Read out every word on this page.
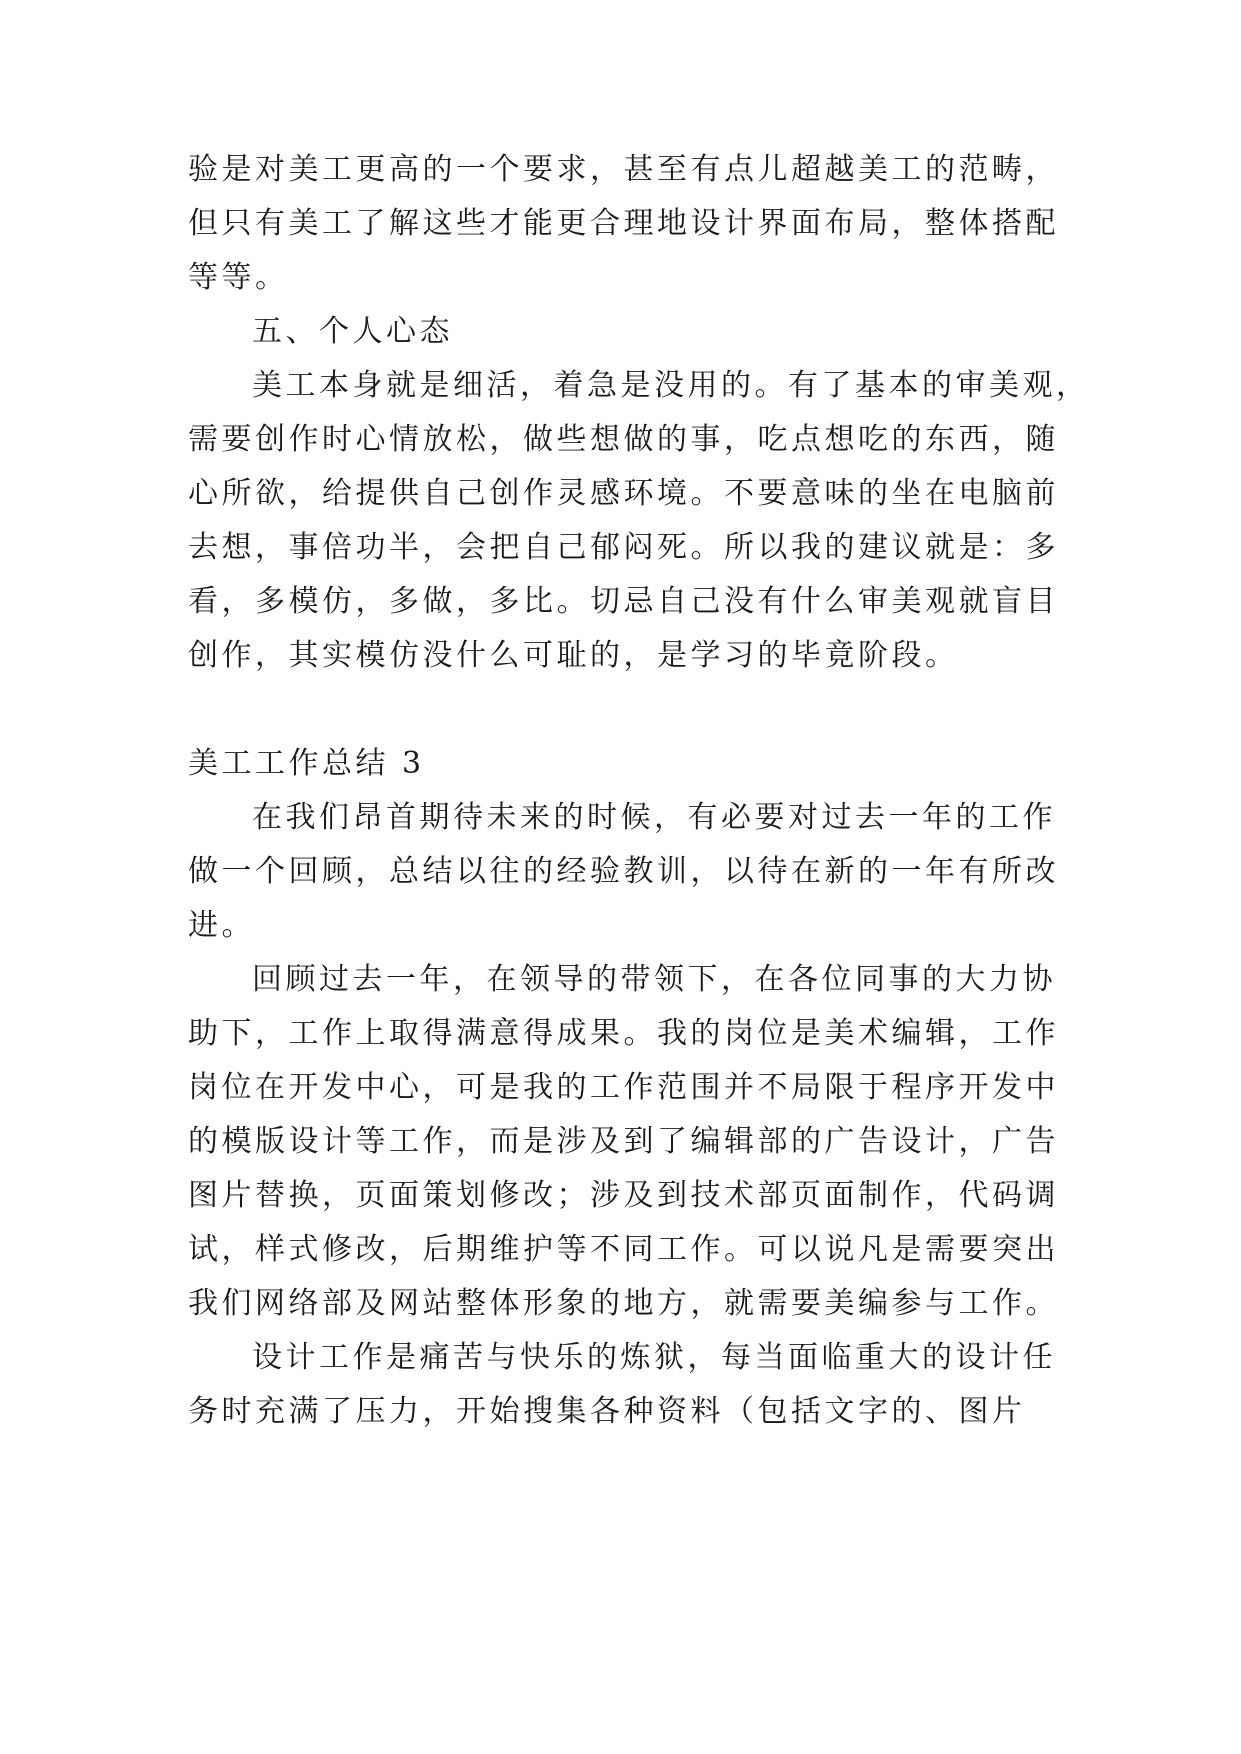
验是对美工更高的一个要求，甚至有点儿超越美工的范畴，

但只有美工了解这些才能更合理地设计界面布局，整体搭配

等等。

五、个人心态

美工本身就是细活，着急是没用的。有了基本的审美观，

需要创作时心情放松，做些想做的事，吃点想吃的东西，随

心所欲，给提供自己创作灵感环境。不要意味的坐在电脑前

去想，事倍功半，会把自己郁闷死。所以我的建议就是：多

看，多模仿，多做，多比。切忌自己没有什么审美观就盲目

创作，其实模仿没什么可耻的，是学习的毕竟阶段。

美工工作总结 3

在我们昂首期待未来的时候，有必要对过去一年的工作

做一个回顾，总结以往的经验教训，以待在新的一年有所改

进。

回顾过去一年，在领导的带领下，在各位同事的大力协

助下，工作上取得满意得成果。我的岗位是美术编辑，工作

岗位在开发中心，可是我的工作范围并不局限于程序开发中

的模版设计等工作，而是涉及到了编辑部的广告设计，广告

图片替换，页面策划修改；涉及到技术部页面制作，代码调

试，样式修改，后期维护等不同工作。可以说凡是需要突出

我们网络部及网站整体形象的地方，就需要美编参与工作。

设计工作是痛苦与快乐的炼狱，每当面临重大的设计任

务时充满了压力，开始搜集各种资料（包括文字的、图片
